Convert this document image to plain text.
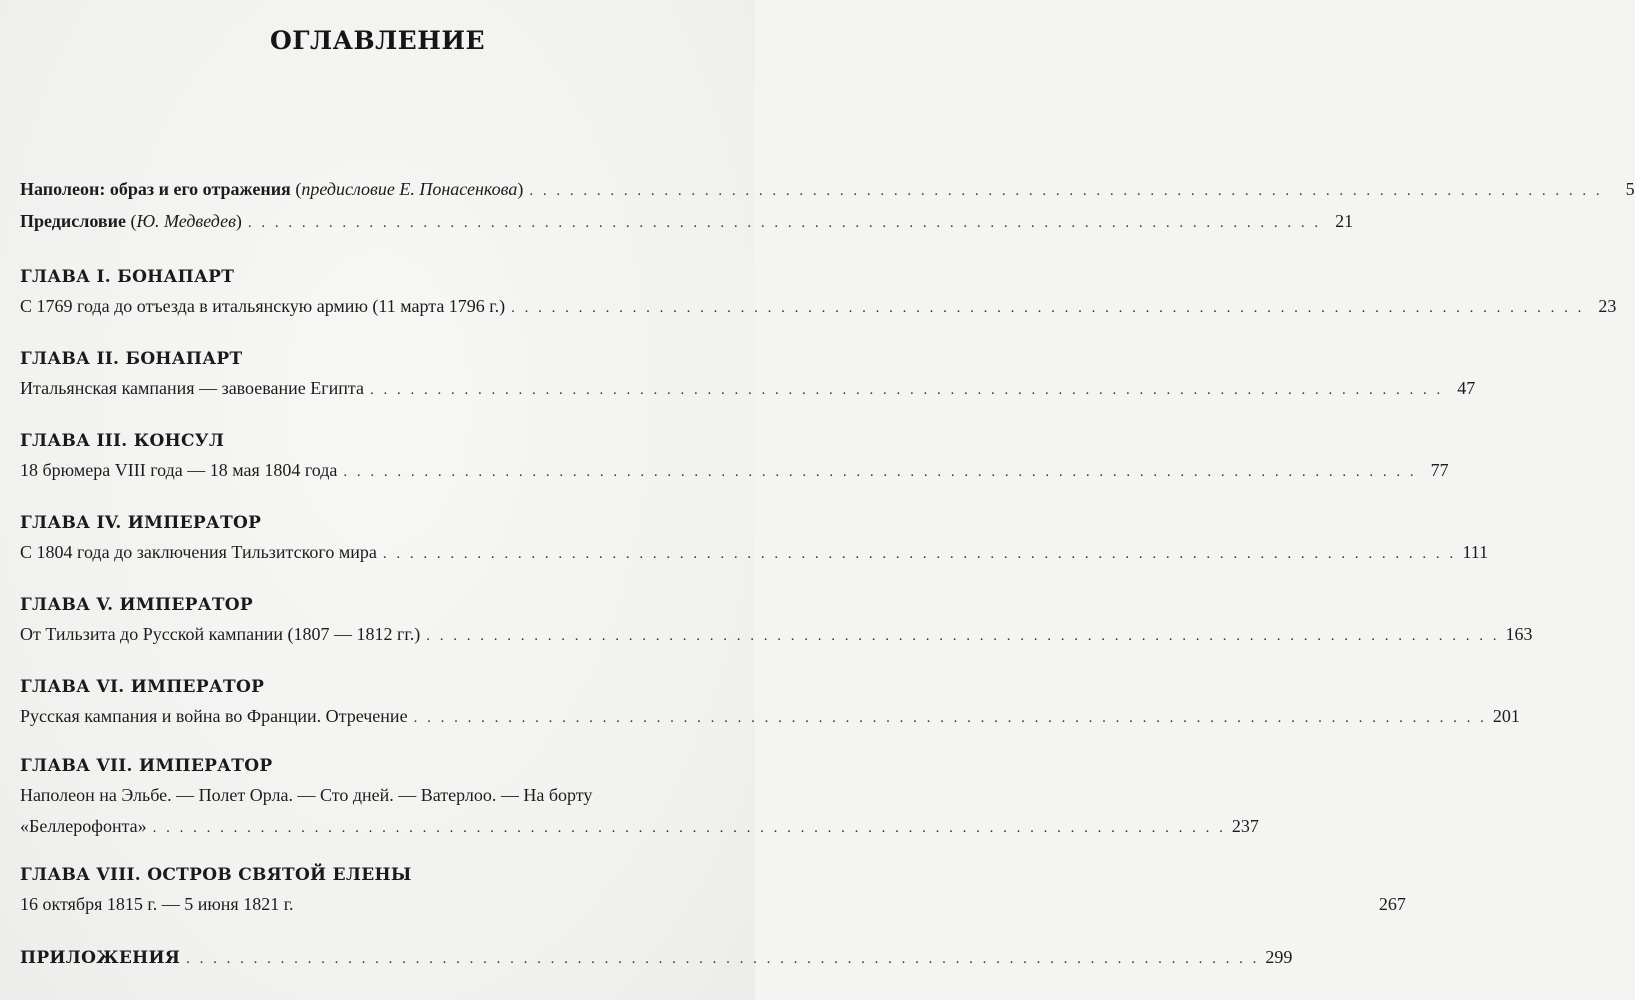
ОГЛАВЛЕНИЕ
Наполеон: образ и его отражения (предисловие Е. Понасенкова) . . . . . . . . . . . . . . . . . . . . . . . . . . . . . . . . . . . . . . . . . . . . . . . . . . . . . . . . . . . . . . . . . . . . . . . . . . . . . . . .	5
Предисловие (Ю. Медведев) . . . . . . . . . . . . . . . . . . . . . . . . . . . . . . . . . . . . . . . . . . . . . . . . . . . . . . . . . . . . . . . . . . . . . . . . . . . . . . . . 21
ГЛАВА I. БОНАПАРТ
С 1769 года до отъезда в итальянскую армию (11 марта 1796 г.) . . . . . . . . . . . . . . . . . . . . . . . . . . . . . . . . . . . . . . . . . . . . . . . . . . . . . . . . . . . . . . . . . . . . . . . . . . . . . . . . 23
ГЛАВА II. БОНАПАРТ
Итальянская кампания — завоевание Египта . . . . . . . . . . . . . . . . . . . . . . . . . . . . . . . . . . . . . . . . . . . . . . . . . . . . . . . . . . . . . . . . . . . . . . . . . . . . . . . . 47
ГЛАВА III. КОНСУЛ
18 брюмера VIII года — 18 мая 1804 года . . . . . . . . . . . . . . . . . . . . . . . . . . . . . . . . . . . . . . . . . . . . . . . . . . . . . . . . . . . . . . . . . . . . . . . . . . . . . . . . 77
ГЛАВА IV. ИМПЕРАТОР
С 1804 года до заключения Тильзитского мира . . . . . . . . . . . . . . . . . . . . . . . . . . . . . . . . . . . . . . . . . . . . . . . . . . . . . . . . . . . . . . . . . . . . . . . . . . . . . . . . 111
ГЛАВА V. ИМПЕРАТОР
От Тильзита до Русской кампании (1807 — 1812 гг.) . . . . . . . . . . . . . . . . . . . . . . . . . . . . . . . . . . . . . . . . . . . . . . . . . . . . . . . . . . . . . . . . . . . . . . . . . . . . . . . . 163
ГЛАВА VI. ИМПЕРАТОР
Русская кампания и война во Франции. Отречение . . . . . . . . . . . . . . . . . . . . . . . . . . . . . . . . . . . . . . . . . . . . . . . . . . . . . . . . . . . . . . . . . . . . . . . . . . . . . . . . 201
ГЛАВА VII. ИМПЕРАТОР
Наполеон на Эльбе. — Полет Орла. — Сто дней. — Ватерлоо. — На борту
«Беллерофонта» . . . . . . . . . . . . . . . . . . . . . . . . . . . . . . . . . . . . . . . . . . . . . . . . . . . . . . . . . . . . . . . . . . . . . . . . . . . . . . . . 237
ГЛАВА VIII. ОСТРОВ СВЯТОЙ ЕЛЕНЫ
16 октября 1815 г. — 5 июня 1821 г.	267
ПРИЛОЖЕНИЯ . . . . . . . . . . . . . . . . . . . . . . . . . . . . . . . . . . . . . . . . . . . . . . . . . . . . . . . . . . . . . . . . . . . . . . . . . . . . . . . . 299
